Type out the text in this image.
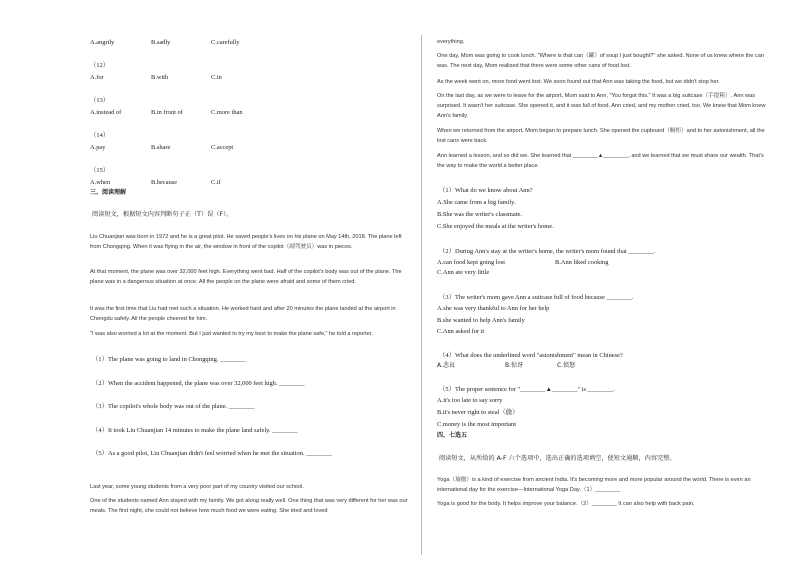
A.angrily	B.sadly	C.carefully
（12）
A.for	B.with	C.in
（13）
A.instead of	B.in front of	C.more than
（14）
A.pay	B.share	C.accept
（15）
A.when	B.because	C.if
三、阅读理解
阅读短文，根据短文内容判断句子正（T）误（F）。
Liu Chuanjian was born in 1972 and he is a great pilot. He saved people's lives on his plane on May 14th, 2018. The plane left from Chongqing. When it was flying in the air, the window in front of the copilot（副驾驶员）was in pieces.
At that moment, the plane was over 32,000 feet high. Everything went bad. Half of the copilot's body was out of the plane. The plane was in a dangerous situation at once. All the people on the plane were afraid and some of them cried.
It was the first time that Liu had met such a situation. He worked hard and after 20 minutes the plane landed at the airport in Chengdu safely. All the people cheered for him.
"I was also worried a lot at the moment. But I just wanted to try my best to make the plane safe," he told a reporter.
（1）The plane was going to land in Chongqing. ________
（2）When the accident happened, the plane was over 32,000 feet high. ________
（3）The copilot's whole body was out of the plane. ________
（4）It took Liu Chuanjian 14 minutes to make the plane land safely. ________
（5）As a good pilot, Liu Chuanjian didn't feel worried when he met the situation. ________
Last year, some young students from a very poor part of my country visited our school.
One of the students named Ann stayed with my family. We got along really well. One thing that was very different for her was our meals. The first night, she could not believe how much food we were eating. She tried and loved
everything.
One day, Mom was going to cook lunch. "Where is that can（罐）of soup I just bought?" she asked. None of us knew where the can was. The next day, Mom realized that there were some other cans of food lost.
As the week went on, more food went lost. We soon found out that Ann was taking the food, but we didn't stop her.
On the last day, as we were to leave for the airport, Mom said to Ann, "You forgot this." It was a big suitcase（手提箱）. Ann was surprised. It wasn't her suitcase. She opened it, and it was full of food. Ann cried, and my mother cried, too. We knew that Mom knew Ann's family.
When we returned from the airport, Mom began to prepare lunch. She opened the cupboard（橱柜）and to her astonishment, all the lost cans were back.
Ann learned a lesson, and so did we. She learned that ________▲________, and we learned that we must share our wealth. That's the way to make the world a better place.
（1）What do we know about Ann?
A.She came from a big family.
B.She was the writer's classmate.
C.She enjoyed the meals at the writer's home.
（2）During Ann's stay at the writer's home, the writer's mom found that ________.
A.can food kept going lost	B.Ann liked cooking
C.Ann ate very little
（3）The writer's mom gave Ann a suitcase full of food because ________.
A.she was very thankful to Ann for her help
B.she wanted to help Ann's family
C.Ann asked for it
（4）What does the underlined word "astonishment" mean in Chinese?
A.悲哀	B.惊讶	C.愤怒
（5）The proper sentence for "________▲________" is ________.
A.it's too late to say sorry
B.it's never right to steal（偷）
C.money is the most important
四、七选五
阅读短文，从所给的 A-F 六个选项中，选出正确的选项填空，使短文通顺，内容完整。
Yoga（瑜伽）is a kind of exercise from ancient India. It's becoming more and more popular around the world. There is even an international day for the exercise—International Yoga Day.（1）________
Yoga is good for the body. It helps improve your balance.（2）________ It can also help with back pain.
